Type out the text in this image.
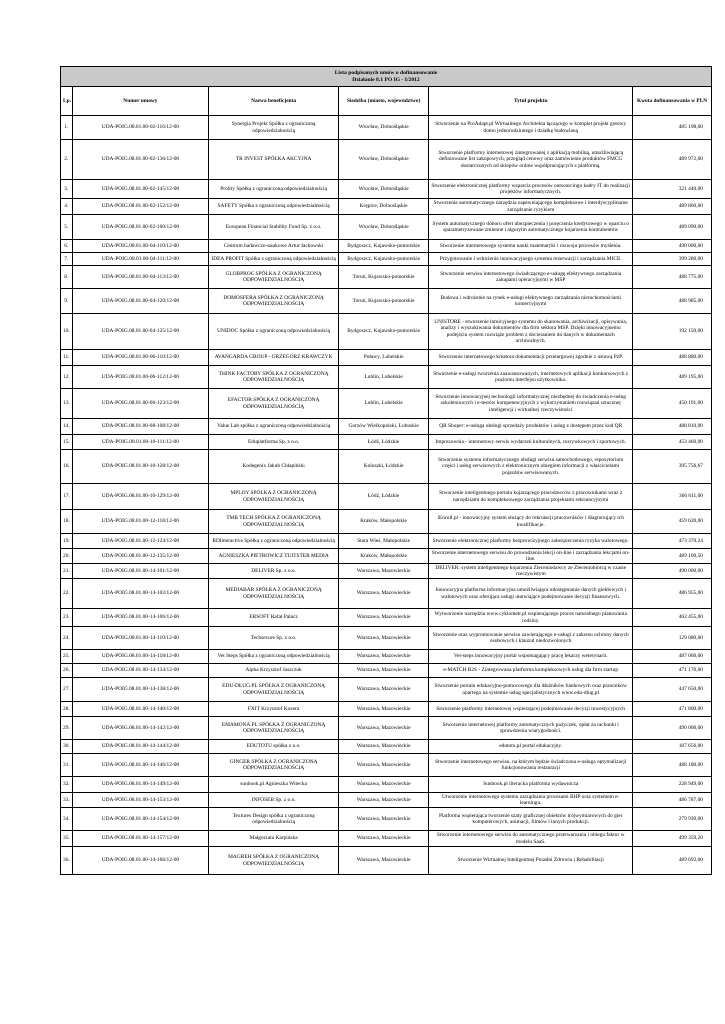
Lista podpisanych umów o dofinansowanie
Działanie 8.1 PO IG - I/2012					

Lp.	Numer umowy	Nazwa beneficjenta	Siedziba (miasto, województwo)	Tytuł projektu	Kwota dofinansowania w PLN
1.	UDA-POIG.08.01.00-02-116/12-00	Synergia Projekt Spółka z ograniczoną odpowiedzialnością	Wrocław, Dolnośląskie	Stworzenie na ProAdapt.pl Wirtualnego Architekta łączącego w komplet projekt gotowy domu jednorodzinnego i działkę budowlaną	485 198,00
2.	UDA-POIG.08.01.00-02-136/12-00	TR INVEST SPÓŁKA AKCYJNA	Wrocław, Dolnośląskie	Stworzenie platformy internetowej zintegrowanej z aplikacją mobilną, umożliwiającą definiowanie list zakupowych, przegląd cenowy oraz zamówienie produktów FMCG dostarczonych od sklepów online współpracujących z platformą.	489 972,00
3.	UDA-POIG.08.01.00-02-145/12-00	Prolity Spółka z ograniczoną odpowiedzialnością	Wrocław, Dolnośląskie	Stworzenie elektronicznej platformy wsparcia procesów outsourcingu kadry IT do realizacji projektów informatycznych.	321 440,00
4.	UDA-POIG.08.01.00-02-152/12-00	SAFETY Spółka z ograniczoną odpowiedzialnością	Krępice, Dolnośląskie	Stworzenie automatycznego narzędzia zapewniającego kompleksowe i interdyscyplinarne zarządzanie ryzykiem	489 860,00
5.	UDA-POIG.08.01.00-02-160/12-00	European Financial Stability Fund Sp. z o.o.	Wrocław, Dolnośląskie	System automatycznego doboru ofert ubezpieczenia i poręczenia kredytowego w oparciu o sparametryzowane zmienne i algorytm automatycznego kojarzenia kontrahentów	489 090,00
6.	UDA-POIG.08.01.00-04-110/12-00	Centrum badawczo-naukowe Artur Jackowski	Bydgoszcz, Kujawsko-pomorskie	Stworzenie internetowego systemu nauki matematyki i rozwoju procesów myślenia.	490 000,00
7.	UDA-POIG.08.01.00-04-111/12-00	IDEA PROFIT Spółka z ograniczoną odpowiedzialnością	Bydgoszcz, Kujawsko-pomorskie	Przygotowanie i wdrożenie innowacyjnego systemu rezerwacji i zarządzania MICE.	399 280,00
8.	UDA-POIG.08.01.00-04-113/12-00	GLOBPROC SPÓŁKA Z OGRANICZONĄ ODPOWIEDZIALNOŚCIĄ	Toruń, Kujawsko-pomorskie	Stworzenie serwisu internetowego świadczącego e-usługę efektywnego zarządzania zakupami operacyjnymi w MSP	488 775,00
9.	UDA-POIG.08.01.00-04-120/12-00	DOMOSFERA SPÓŁKA Z OGRANICZONĄ ODPOWIEDZIALNOŚCIĄ	Toruń, Kujawsko-pomorskie	Budowa i wdrożenie na rynek e-usługi efektywnego zarządzania nieruchomościami komercyjnymi	488 985,00
10.	UDA-POIG.08.01.00-04-125/12-00	UNIDOC Spółka z ograniczoną odpowiedzialnością	Bydgoszcz, Kujawsko-pomorskie	UNISTORE - stworzenie intuicyjnego systemu do skanowania, archiwizacji, opisywania, analizy i wyszukiwania dokumentów dla firm sektora MSP. Dzięki innowacyjnemu podejściu system rozwiąże problem z docieraniem do danych w dokumentach archiwalnych.	192 150,00
11.	UDA-POIG.08.01.00-06-110/12-00	AVANGARDA GROUP - GRZEGORZ KRAWCZYK	Puławy, Lubelskie	Stworzenie internetowego kreatora dokumentacji przetargowej zgodnie z ustawą PzP.	488 880,00
12.	UDA-POIG.08.01.00-06-112/12-00	THINK FACTORY SPÓŁKA Z OGRANICZONĄ ODPOWIEDZIALNOŚCIĄ	Lublin, Lubelskie	Stworzenie e-usługi tworzenia zaawansowanych, internetowych aplikacji konkursowych z poziomu interfejsu użytkownika.	489 195,00
13.	UDA-POIG.08.01.00-06-123/12-00	EFACTOR SPÓŁKA Z OGRANICZONĄ ODPOWIEDZIALNOŚCIĄ	Lublin, Lubelskie	Stworzenie innowacyjnej technologii informatycznej niezbędnej do świadczenia e-usług szkoleniowych i e-testów kompetencyjnych z wykorzystaniem rozwiązań sztucznej inteligencji i wirtualnej rzeczywistości	450 191,00
14.	UDA-POIG.08.01.00-08-108/12-00	Value Lab spółka z ograniczoną odpowiedzialnością	Gorzów Wielkopolski, Lubuskie	QR Shoper: e-usługa obsługi sprzedaży produktów i usług z dostępem przez kod QR	488 810,00
15.	UDA-POIG.08.01.00-10-111/12-00	Eduplatforma Sp. z o.o.	Łódź, Łódzkie	Imprezownia - internetowy serwis wydarzeń kulturalnych, rozrywkowych i sportowych.	453 460,00
16.	UDA-POIG.08.01.00-10-128/12-00	Kodegenix Jakub Chłapiński	Koluszki, Łódzkie	Stworzenie systemu informatycznego obsługi serwisu samochodowego, reposytorium części i usług serwisowych z elektronicznym obiegiem informacji z właścicielami pojazdów serwisowanych.	395 756,67
17.	UDA-POIG.08.01.00-10-129/12-00	MPLOY SPÓŁKA Z OGRANICZONĄ ODPOWIEDZIALNOŚCIĄ	Łódź, Łódzkie	Stworzenie inteligentnego portalu kojarzącego pracodawców z pracownikami wraz z narzędziami do kompleksowego zarządzania projektami rekrutacyjnymi	366 611,00
18.	UDA-POIG.08.01.00-12-118/12-00	TMB TECH SPÓŁKA Z OGRANICZONĄ ODPOWIEDZIALNOŚCIĄ	Kraków, Małopolskie	iEnroll.pl - innowacyjny system służący do rekrutacji pracowników i diagnorujący ich kwalifikacje.	459 620,00
19.	UDA-POIG.08.01.00-12-124/12-00	RDInteractive Spółka z ograniczoną odpowiedzialnością	Stara Wieś, Małopolskie	Stworzenie elektronicznej platformy bezprowizyjnego zabezpieczenia ryzyka walutowego.	473 370,24
20.	UDA-POIG.08.01.00-12-135/12-00	AGNIESZKA PIETROWICZ TUITSTER MEDIA	Kraków, Małopolskie	Stworzenie internetowego serwisu do prowadzenia lekcji on-line i zarządzania lekcjami on-line.	489 100,50
21.	UDA-POIG.08.01.00-14-101/12-00	DELIVER Sp. z o.o.	Warszawa, Mazowieckie	DELIVER: system inteligentnego kojarzenia Zleceniodawcy ze Zleceniobiorcą w czasie rzeczywistym	490 000,00
22.	UDA-POIG.08.01.00-14-102/12-00	MEDIABAR SPÓŁKA Z OGRANICZONĄ ODPOWIEDZIALNOŚCIĄ	Warszawa, Mazowieckie	Innowacyjna platforma informacyjna umożliwiająca udostępnianie danych giełdowych i walutowych oraz oferująca usługi ułatwiające podejmowanie decyzji finansowych.	486 955,00
23.	UDA-POIG.08.01.00-14-106/12-00	ERSOFT Rafał Palacz	Warszawa, Mazowieckie	Wytworzenie narzędzia www.cyklometr.pl wspierającego proces naturalnego planowania rodziny.	462 455,00
24.	UDA-POIG.08.01.00-14-110/12-00	Techsecure Sp. z o.o.	Warszawa, Mazowieckie	Stworzenie oraz wypromowanie serwisu zawierającego e-usługi z zakresu ochrony danych osobowych i klauzul niedozwolonych	129 080,00
25.	UDA-POIG.08.01.00-14-118/12-00	Vet Steps Spółka z ograniczoną odpowiedzialnością	Warszawa, Mazowieckie	Vet-steps innowacyjny portal wspomagający pracę lekarzy weterynarii.	487 060,00
26.	UDA-POIG.08.01.00-14-134/12-00	Alpha Krzysztof Jaszczuk	Warszawa, Mazowieckie	e-MATCH B2S - Zintegrowana platforma kompleksowych usług dla firm startup	471 170,00
27.	UDA-POIG.08.01.00-14-138/12-00	EDU-DŁUG.PL SPÓŁKA Z OGRANICZONĄ ODPOWIEDZIALNOŚCIĄ	Warszawa, Mazowieckie	Stworzenie portalu edukacyjno-pomocowego dla dłużników bankowych oraz prawników opartego na systemie usług specjalistycznych www.edu-dlug.pl	447 650,00
28.	UDA-POIG.08.01.00-14-140/12-00	FXIT Krzysztof Kozera	Warszawa, Mazowieckie	Stworzenie platformy internetowej wspierającej podejmowanie decyzji inwestycyjnych	471 800,00
29.	UDA-POIG.08.01.00-14-142/12-00	EMAMONA.PL SPÓŁKA Z OGRANICZONĄ ODPOWIEDZIALNOŚCIĄ	Warszawa, Mazowieckie	Stworzenie internetowej platformy automatycznych pożyczek, opłat za rachunki i sprawdzenia wiarygodności.	490 000,00
30.	UDA-POIG.08.01.00-14-144/12-00	EDUTOTU spółka z o.o.	Warszawa, Mazowieckie	edutotu.pl portal edukacyjny.	187 656,00
31.	UDA-POIG.08.01.00-14-146/12-00	GINGER SPÓŁKA Z OGRANICZONĄ ODPOWIEDZIALNOŚCIĄ	Warszawa, Mazowieckie	Stworzenie internetowego serwisu, na którym będzie świadczona e-usługa optymalizacji funkcjonowania restauracji	488 180,00
32.	UDA-POIG.08.01.00-14-149/12-00	sunbook.pl Agnieszka Witecka	Warszawa, Mazowieckie	Sunbook.pl literacka platforma wydawnicza	228 949,00
33.	UDA-POIG.08.01.00-14-153/12-00	INFOSEB Sp. z o.o.	Warszawa, Mazowieckie	Utworzenie internetowego systemu zarządzania procesami BHP oraz systemem e-learningu.	486 787,00
34.	UDA-POIG.08.01.00-14-154/12-00	Textures Design spółka z ograniczoną odpowiedzialnością	Warszawa, Mazowieckie	Platforma wspierająca tworzenie szaty graficznej obiektów trójwymiarowych do gier komputerowych, animacji, filmów i innych produkcji.	279 930,00
35.	UDA-POIG.08.01.00-14-157/12-00	Małgorzata Karpińska	Warszawa, Mazowieckie	Stworzenie internetowego serwisu do automatycznego przetwarzania i obiegu faktur w modelu SaaS.	499 359,20
36.	UDA-POIG.08.01.00-14-166/12-00	MAGREH SPÓŁKA Z OGRANICZONĄ ODPOWIEDZIALNOŚCIĄ	Warszawa, Mazowieckie	Stworzenie Wirtualnej Inteligentnej Poradni Zdrowia i Rehabilitacji	489 692,00
